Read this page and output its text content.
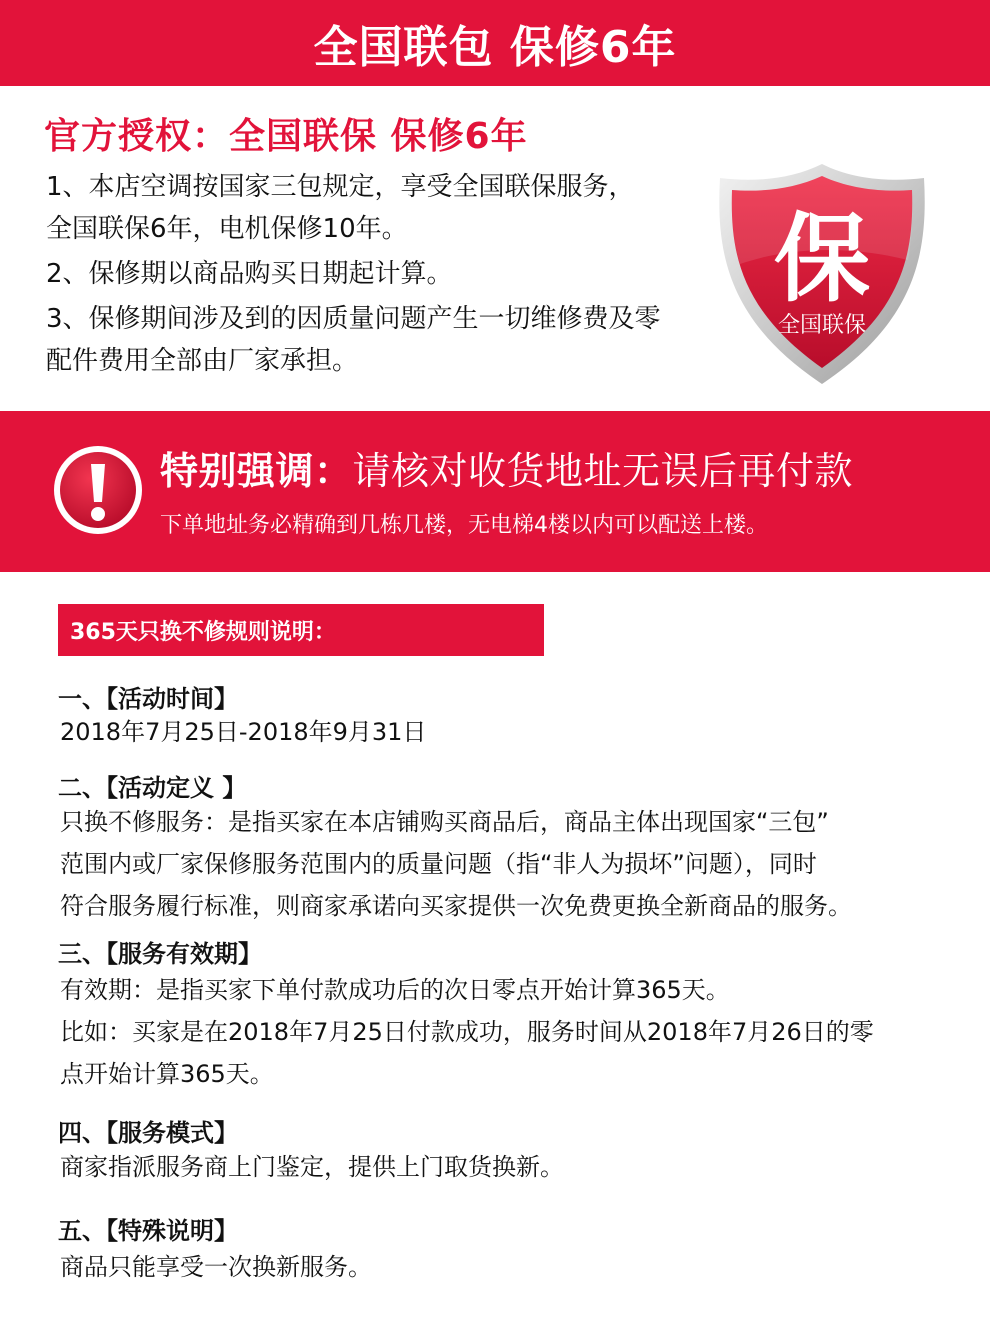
全国联包 保修6年
官方授权：全国联保 保修6年

1、本店空调按国家三包规定，享受全国联保服务，
全国联保6年，电机保修10年。

2、保修期以商品购买日期起计算。

3、保修期间涉及到的因质量问题产生一切维修费及零
配件费用全部由厂家承担。

保
全国联保
特别强调：请核对收货地址无误后再付款
下单地址务必精确到几栋几楼，无电梯4楼以内可以配送上楼。
365天只换不修规则说明：
一、【活动时间】
2018年7月25日-2018年9月31日
二、【活动定义 】
只换不修服务：是指买家在本店铺购买商品后，商品主体出现国家“三包”
范围内或厂家保修服务范围内的质量问题（指“非人为损坏”问题），同时
符合服务履行标准，则商家承诺向买家提供一次免费更换全新商品的服务。
三、【服务有效期】
有效期：是指买家下单付款成功后的次日零点开始计算365天。
比如：买家是在2018年7月25日付款成功，服务时间从2018年7月26日的零
点开始计算365天。
四、【服务模式】
商家指派服务商上门鉴定，提供上门取货换新。
五、【特殊说明】
商品只能享受一次换新服务。
